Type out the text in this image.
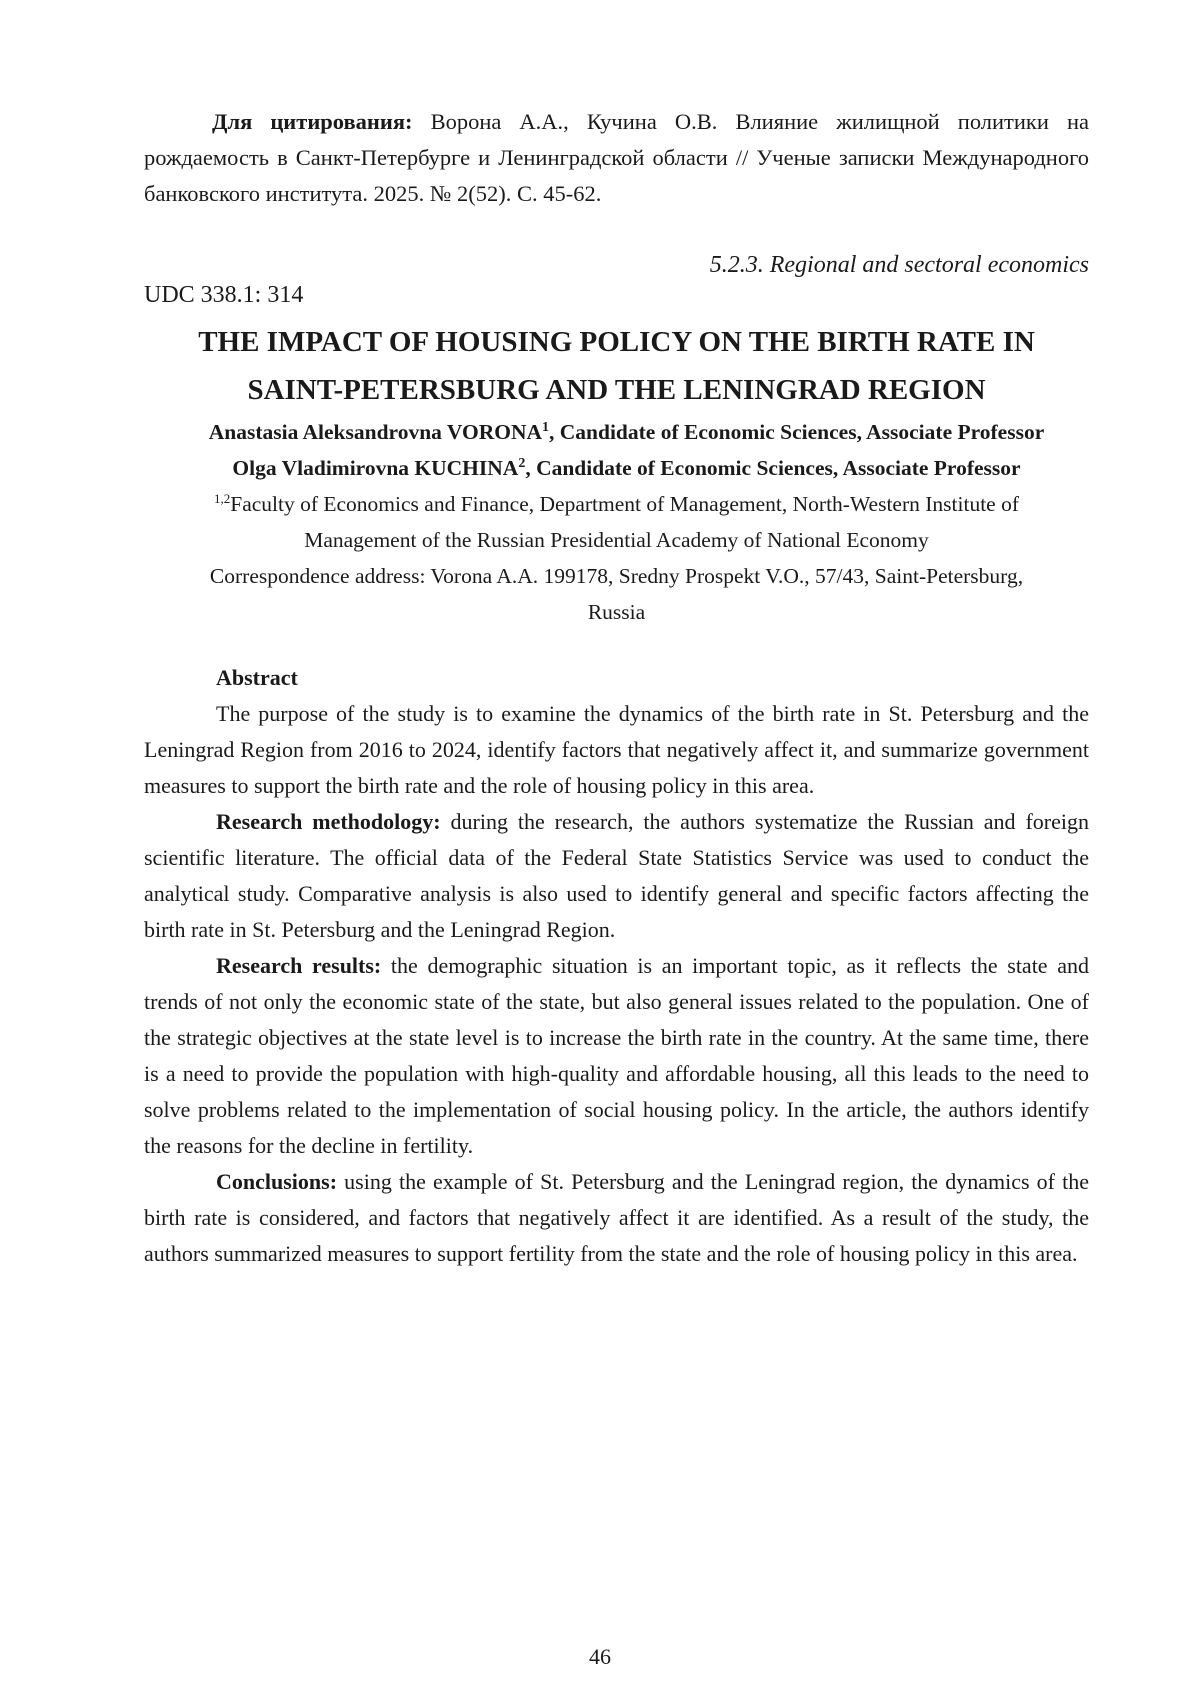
Для цитирования: Ворона А.А., Кучина О.В. Влияние жилищной политики на рождаемость в Санкт-Петербурге и Ленинградской области // Ученые записки Международного банковского института. 2025. № 2(52). С. 45-62.

5.2.3. Regional and sectoral economics
UDC 338.1: 314
THE IMPACT OF HOUSING POLICY ON THE BIRTH RATE IN SAINT-PETERSBURG AND THE LENINGRAD REGION

Anastasia Aleksandrovna VORONA$^1$, Candidate of Economic Sciences, Associate Professor

Olga Vladimirovna KUCHINA$^2$, Candidate of Economic Sciences, Associate Professor

$^{1,2}$Faculty of Economics and Finance, Department of Management, North-Western Institute of Management of the Russian Presidential Academy of National Economy

Correspondence address: Vorona A.A. 199178, Sredny Prospekt V.O., 57/43, Saint-Petersburg, Russia

Abstract

The purpose of the study is to examine the dynamics of the birth rate in St. Petersburg and the Leningrad Region from 2016 to 2024, identify factors that negatively affect it, and summarize government measures to support the birth rate and the role of housing policy in this area.

Research methodology: during the research, the authors systematize the Russian and foreign scientific literature. The official data of the Federal State Statistics Service was used to conduct the analytical study. Comparative analysis is also used to identify general and specific factors affecting the birth rate in St. Petersburg and the Leningrad Region.

Research results: the demographic situation is an important topic, as it reflects the state and trends of not only the economic state of the state, but also general issues related to the population. One of the strategic objectives at the state level is to increase the birth rate in the country. At the same time, there is a need to provide the population with high-quality and affordable housing, all this leads to the need to solve problems related to the implementation of social housing policy. In the article, the authors identify the reasons for the decline in fertility.

Conclusions: using the example of St. Petersburg and the Leningrad region, the dynamics of the birth rate is considered, and factors that negatively affect it are identified. As a result of the study, the authors summarized measures to support fertility from the state and the role of housing policy in this area.

46
